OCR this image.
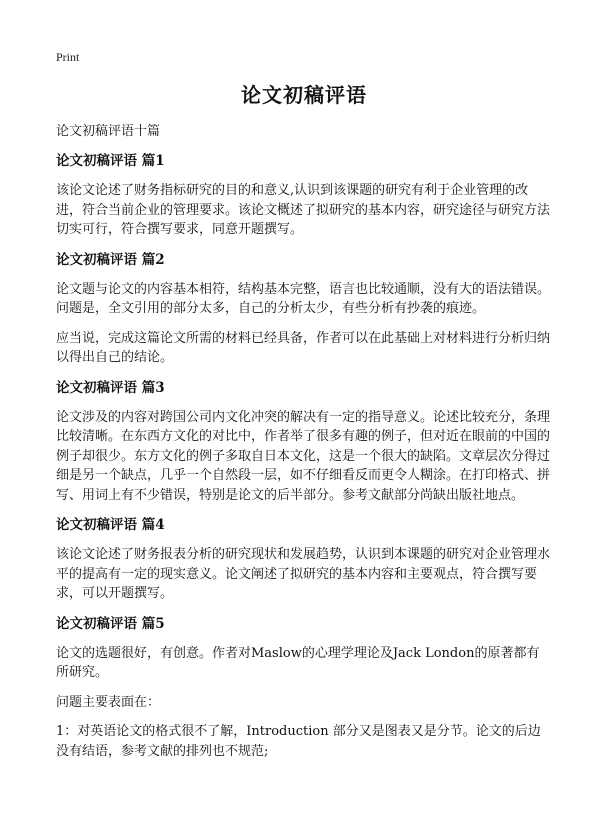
Print
论文初稿评语

论文初稿评语十篇

论文初稿评语 篇1

该论文论述了财务指标研究的目的和意义,认识到该课题的研究有利于企业管理的改进，符合当前企业的管理要求。该论文概述了拟研究的基本内容，研究途径与研究方法切实可行，符合撰写要求，同意开题撰写。

论文初稿评语 篇2

论文题与论文的内容基本相符，结构基本完整，语言也比较通顺，没有大的语法错误。问题是，全文引用的部分太多，自己的分析太少，有些分析有抄袭的痕迹。

应当说，完成这篇论文所需的材料已经具备，作者可以在此基础上对材料进行分析归纳以得出自己的结论。

论文初稿评语 篇3

论文涉及的内容对跨国公司内文化冲突的解决有一定的指导意义。论述比较充分，条理比较清晰。在东西方文化的对比中，作者举了很多有趣的例子，但对近在眼前的中国的例子却很少。东方文化的例子多取自日本文化，这是一个很大的缺陷。文章层次分得过细是另一个缺点，几乎一个自然段一层，如不仔细看反而更令人糊涂。在打印格式、拼写、用词上有不少错误，特别是论文的后半部分。参考文献部分尚缺出版社地点。

论文初稿评语 篇4

该论文论述了财务报表分析的研究现状和发展趋势，认识到本课题的研究对企业管理水平的提高有一定的现实意义。论文阐述了拟研究的基本内容和主要观点，符合撰写要求，可以开题撰写。

论文初稿评语 篇5

论文的选题很好，有创意。作者对Maslow的心理学理论及Jack London的原著都有所研究。

问题主要表面在：

1：对英语论文的格式很不了解，Introduction 部分又是图表又是分节。论文的后边没有结语，参考文献的排列也不规范;
